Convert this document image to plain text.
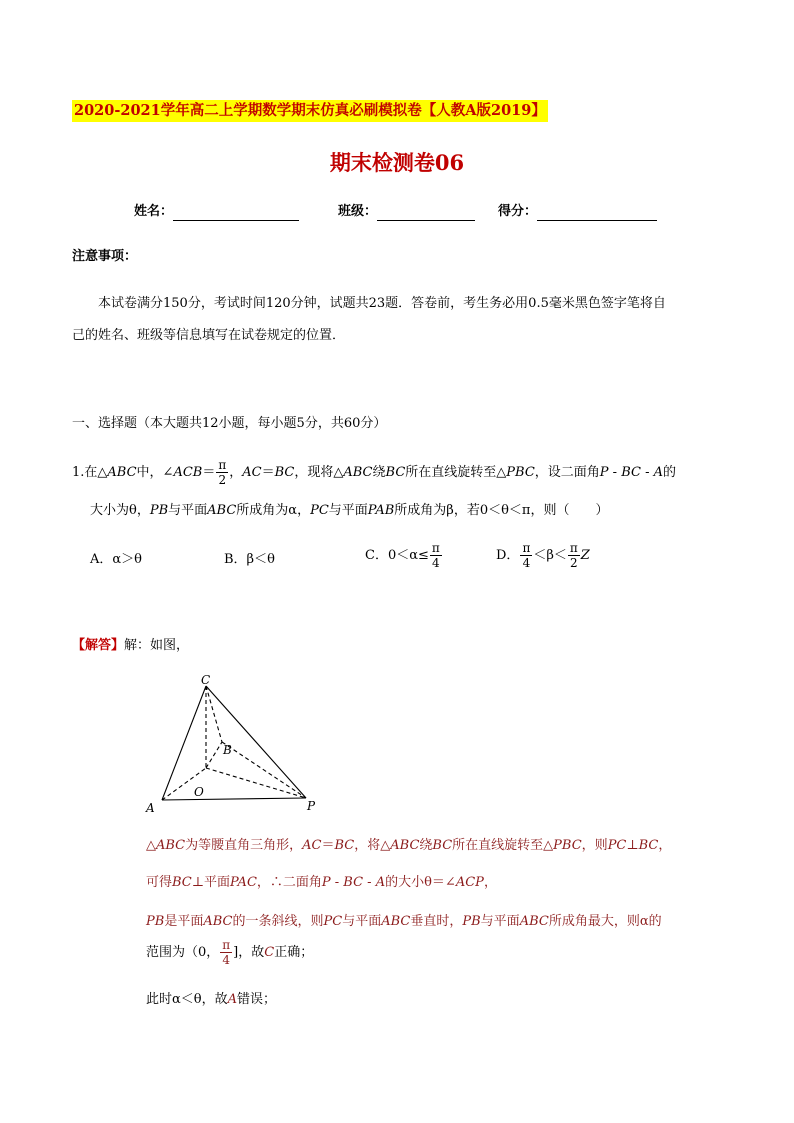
2020-2021学年高二上学期数学期末仿真必刷模拟卷【人教A版2019】
期末检测卷06
姓名：	班级：	得分：
注意事项：
本试卷满分150分，考试时间120分钟，试题共23题．答卷前，考生务必用0.5毫米黑色签字笔将自
己的姓名、班级等信息填写在试卷规定的位置．
一、选择题（本大题共12小题，每小题5分，共60分）
1.在△ABC中，∠ACB＝ $\frac{\pi}{2}$ ，AC＝BC，现将△ABC绕BC所在直线旋转至△PBC，设二面角P - BC - A的
大小为θ，PB与平面ABC所成角为α，PC与平面PAB所成角为β，若0＜θ＜π，则（　　）
A．α＞θ	B．β＜θ	C．$0<\alpha\le \frac{\pi}{4}$	D． $\frac{\pi}{4} <\beta< \frac{\pi}{2}$ Z
【解答】解：如图，
C
B
O
A	P
△ABC为等腰直角三角形，AC＝BC，将△ABC绕BC所在直线旋转至△PBC，则PC⊥BC，
可得BC⊥平面PAC，∴二面角P - BC - A的大小θ＝∠ACP，
PB是平面ABC的一条斜线，则PC与平面ABC垂直时，PB与平面ABC所成角最大，则α的
范围为（0， $\frac{\pi}{4}$ ]，故C正确；
此时α＜θ，故A错误；
